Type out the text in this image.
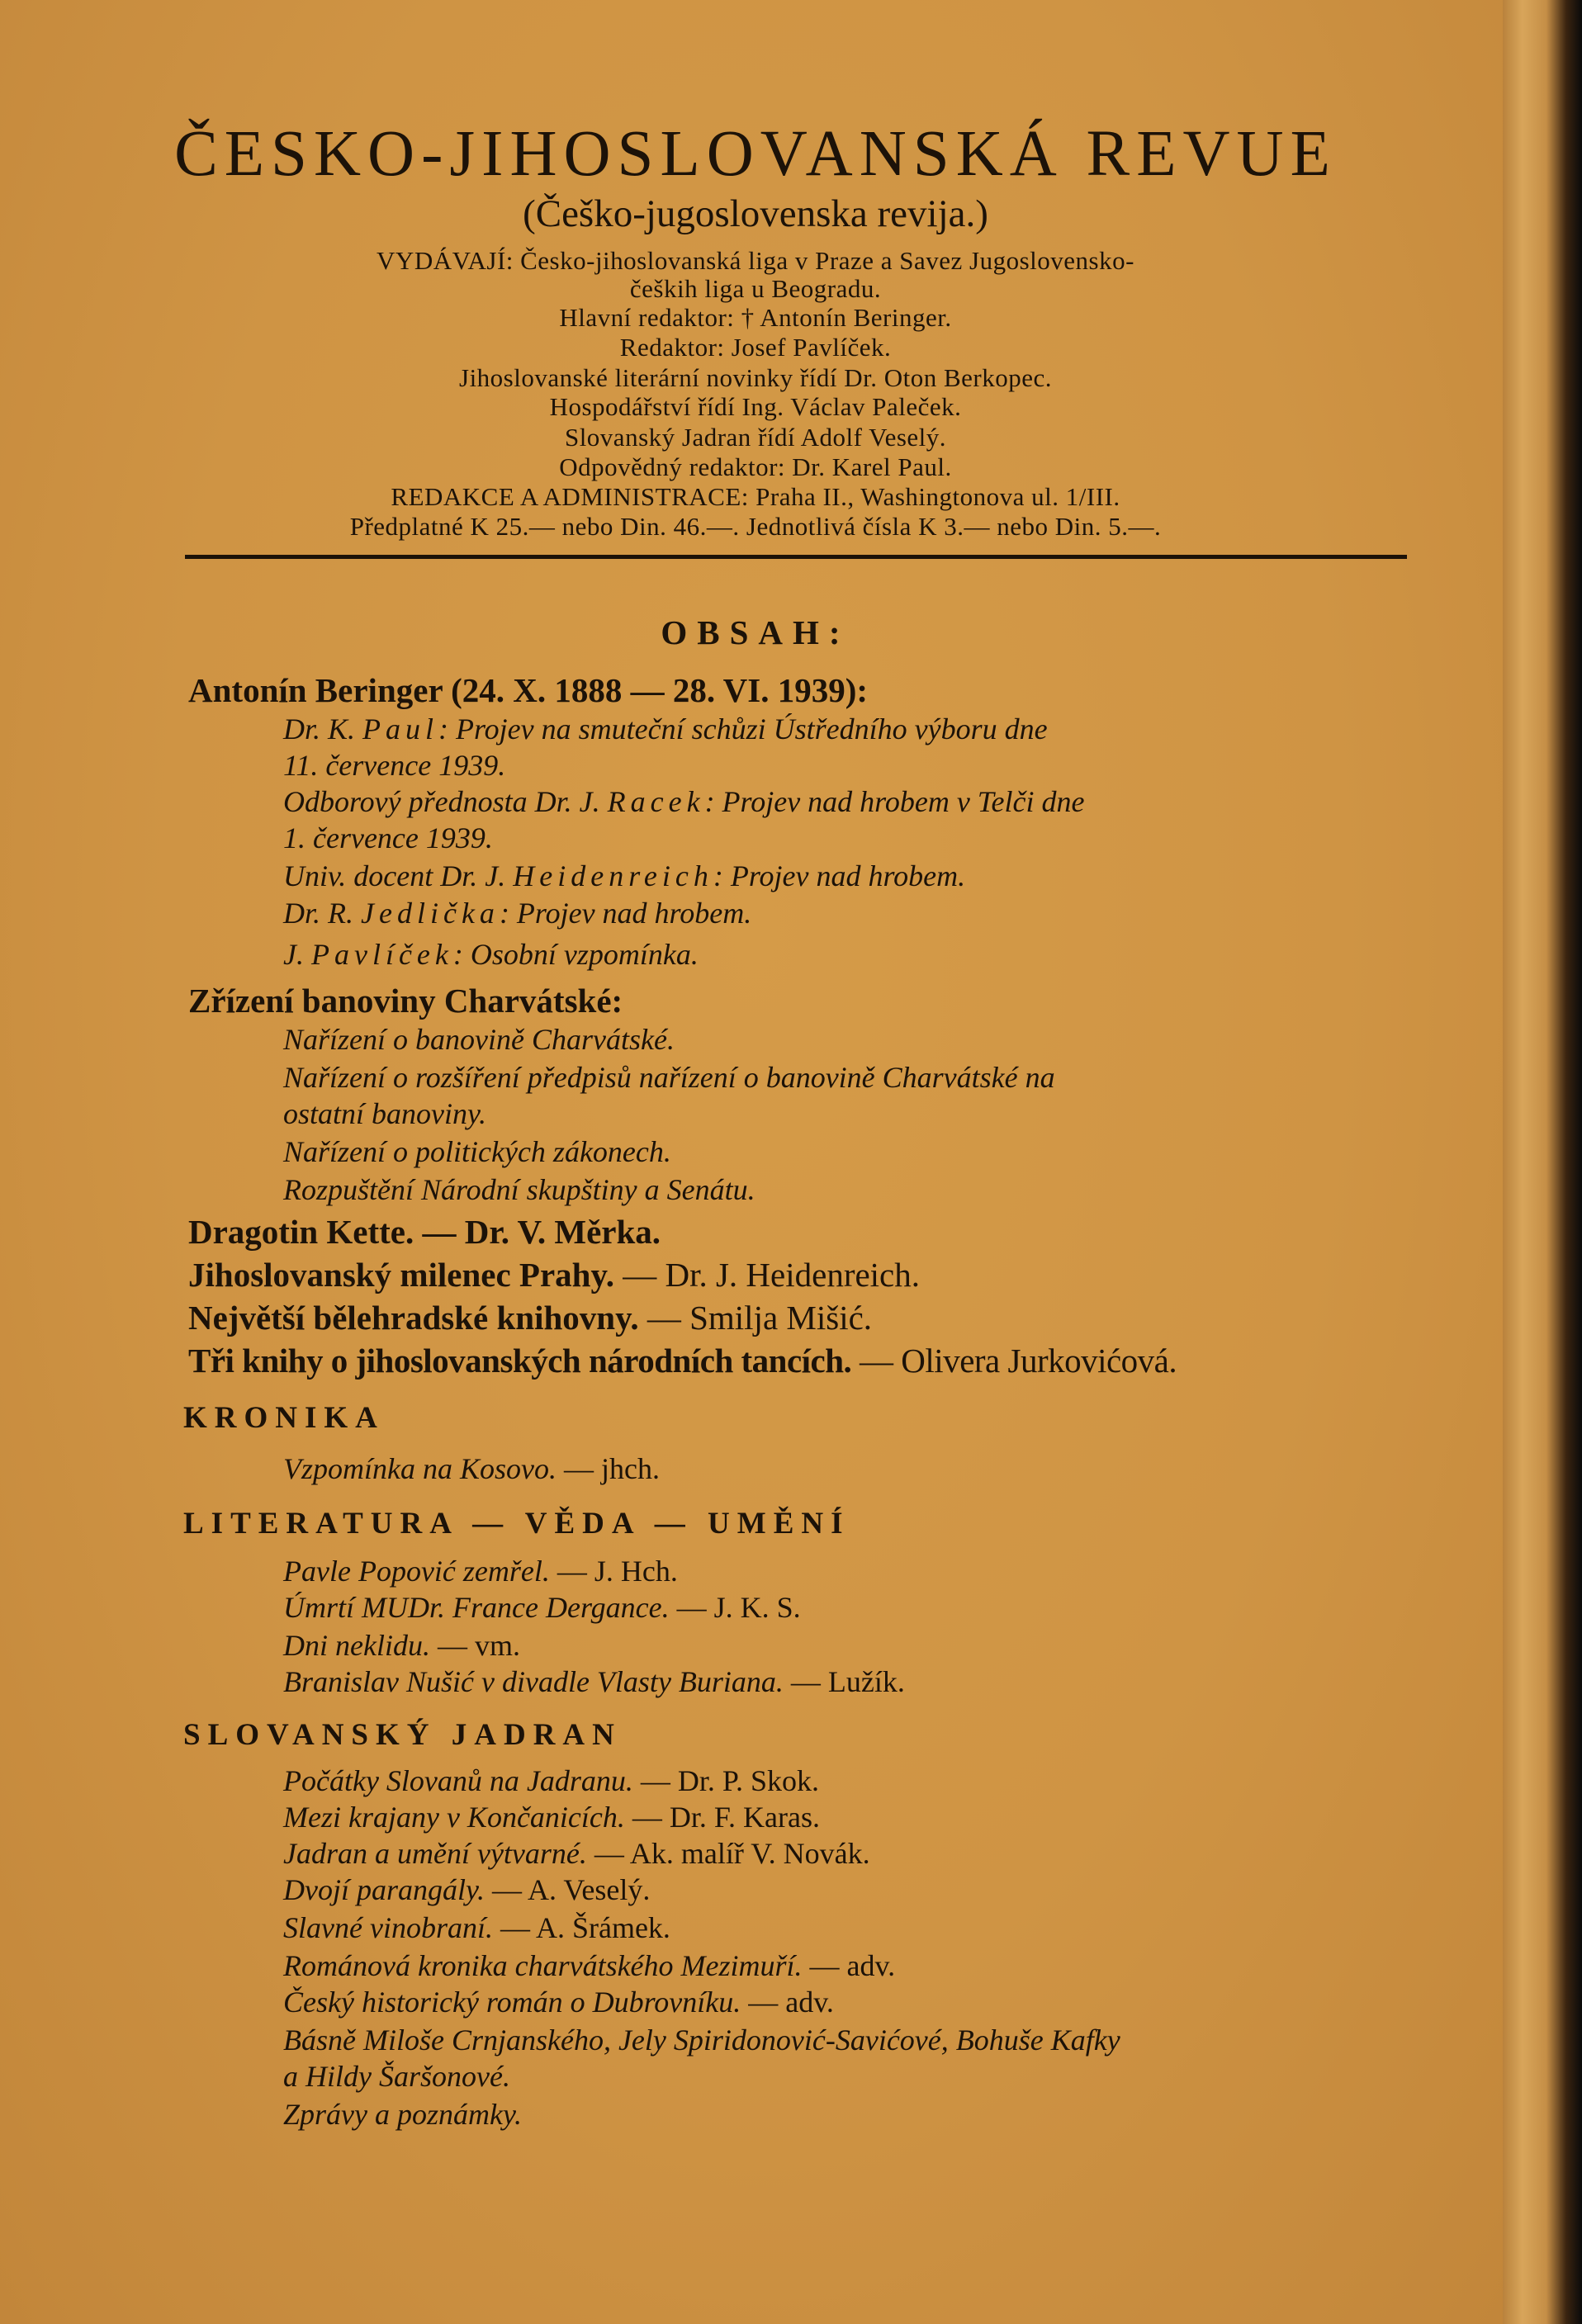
ČESKO-JIHOSLOVANSKÁ REVUE
(Češko-jugoslovenska revija.)
VYDÁVAJÍ: Česko-jihoslovanská liga v Praze a Savez Jugoslovensko-
čeških liga u Beogradu.
Hlavní redaktor: † Antonín Beringer.
Redaktor: Josef Pavlíček.
Jihoslovanské literární novinky řídí Dr. Oton Berkopec.
Hospodářství řídí Ing. Václav Paleček.
Slovanský Jadran řídí Adolf Veselý.
Odpovědný redaktor: Dr. Karel Paul.
REDAKCE A ADMINISTRACE: Praha II., Washingtonova ul. 1/III.
Předplatné K 25.— nebo Din. 46.—. Jednotlivá čísla K 3.— nebo Din. 5.—.
OBSAH:
Antonín Beringer (24. X. 1888 — 28. VI. 1939):
Dr. K. Paul: Projev na smuteční schůzi Ústředního výboru dne
11. července 1939.
Odborový přednosta Dr. J. Racek: Projev nad hrobem v Telči dne
1. července 1939.
Univ. docent Dr. J. Heidenreich: Projev nad hrobem.
Dr. R. Jedlička: Projev nad hrobem.
J. Pavlíček: Osobní vzpomínka.
Zřízení banoviny Charvátské:
Nařízení o banovině Charvátské.
Nařízení o rozšíření předpisů nařízení o banovině Charvátské na
ostatní banoviny.
Nařízení o politických zákonech.
Rozpuštění Národní skupštiny a Senátu.
Dragotin Kette. — Dr. V. Měrka.
Jihoslovanský milenec Prahy. — Dr. J. Heidenreich.
Největší bělehradské knihovny. — Smilja Mišić.
Tři knihy o jihoslovanských národních tancích. — Olivera Jurkovićová.
KRONIKA
Vzpomínka na Kosovo. — jhch.
LITERATURA — VĚDA — UMĚNÍ
Pavle Popović zemřel. — J. Hch.
Úmrtí MUDr. France Dergance. — J. K. S.
Dni neklidu. — vm.
Branislav Nušić v divadle Vlasty Buriana. — Lužík.
SLOVANSKÝ JADRAN
Počátky Slovanů na Jadranu. — Dr. P. Skok.
Mezi krajany v Končanicích. — Dr. F. Karas.
Jadran a umění výtvarné. — Ak. malíř V. Novák.
Dvojí parangály. — A. Veselý.
Slavné vinobraní. — A. Šrámek.
Románová kronika charvátského Mezimuří. — adv.
Český historický román o Dubrovníku. — adv.
Básně Miloše Crnjanského, Jely Spiridonović-Savićové, Bohuše Kafky
a Hildy Šaršonové.
Zprávy a poznámky.
